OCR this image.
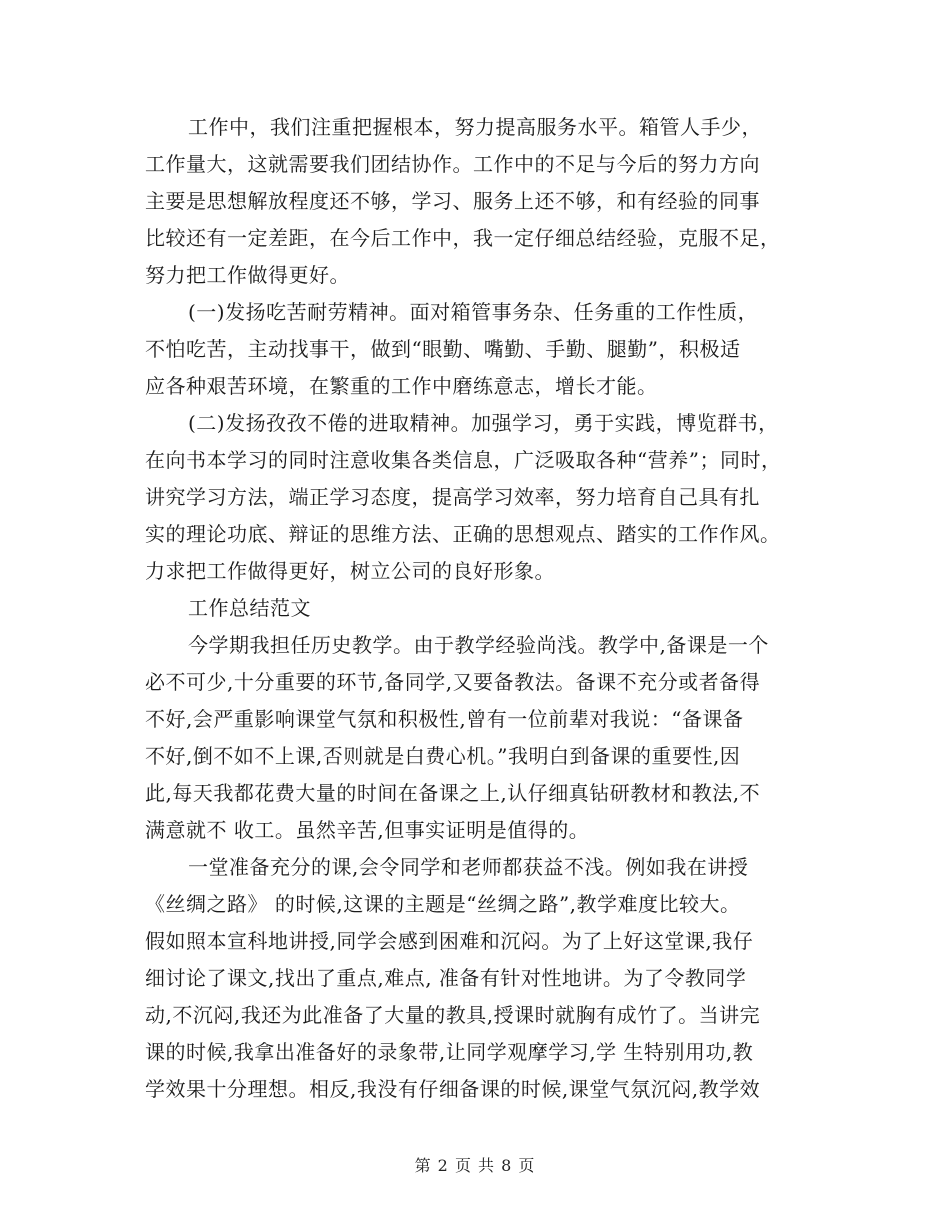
工作中，我们注重把握根本，努力提高服务水平。箱管人手少，
工作量大，这就需要我们团结协作。工作中的不足与今后的努力方向
主要是思想解放程度还不够，学习、服务上还不够，和有经验的同事
比较还有一定差距，在今后工作中，我一定仔细总结经验，克服不足，
努力把工作做得更好。
(一)发扬吃苦耐劳精神。面对箱管事务杂、任务重的工作性质，
不怕吃苦，主动找事干，做到“眼勤、嘴勤、手勤、腿勤”，积极适
应各种艰苦环境，在繁重的工作中磨练意志，增长才能。
(二)发扬孜孜不倦的进取精神。加强学习，勇于实践，博览群书，
在向书本学习的同时注意收集各类信息，广泛吸取各种“营养”；同时，
讲究学习方法，端正学习态度，提高学习效率，努力培育自己具有扎
实的理论功底、辩证的思维方法、正确的思想观点、踏实的工作作风。
力求把工作做得更好，树立公司的良好形象。
工作总结范文
今学期我担任历史教学。由于教学经验尚浅。教学中,备课是一个
必不可少,十分重要的环节,备同学,又要备教法。备课不充分或者备得
不好,会严重影响课堂气氛和积极性,曾有一位前辈对我说：“备课备
不好,倒不如不上课,否则就是白费心机。”我明白到备课的重要性,因
此,每天我都花费大量的时间在备课之上,认仔细真钻研教材和教法,不
满意就不 收工。虽然辛苦,但事实证明是值得的。
一堂准备充分的课,会令同学和老师都获益不浅。例如我在讲授
《丝绸之路》 的时候,这课的主题是“丝绸之路”,教学难度比较大。
假如照本宣科地讲授,同学会感到困难和沉闷。为了上好这堂课,我仔
细讨论了课文,找出了重点,难点, 准备有针对性地讲。为了令教同学
动,不沉闷,我还为此准备了大量的教具,授课时就胸有成竹了。当讲完
课的时候,我拿出准备好的录象带,让同学观摩学习,学 生特别用功,教
学效果十分理想。相反,我没有仔细备课的时候,课堂气氛沉闷,教学效
第 2 页 共 8 页
